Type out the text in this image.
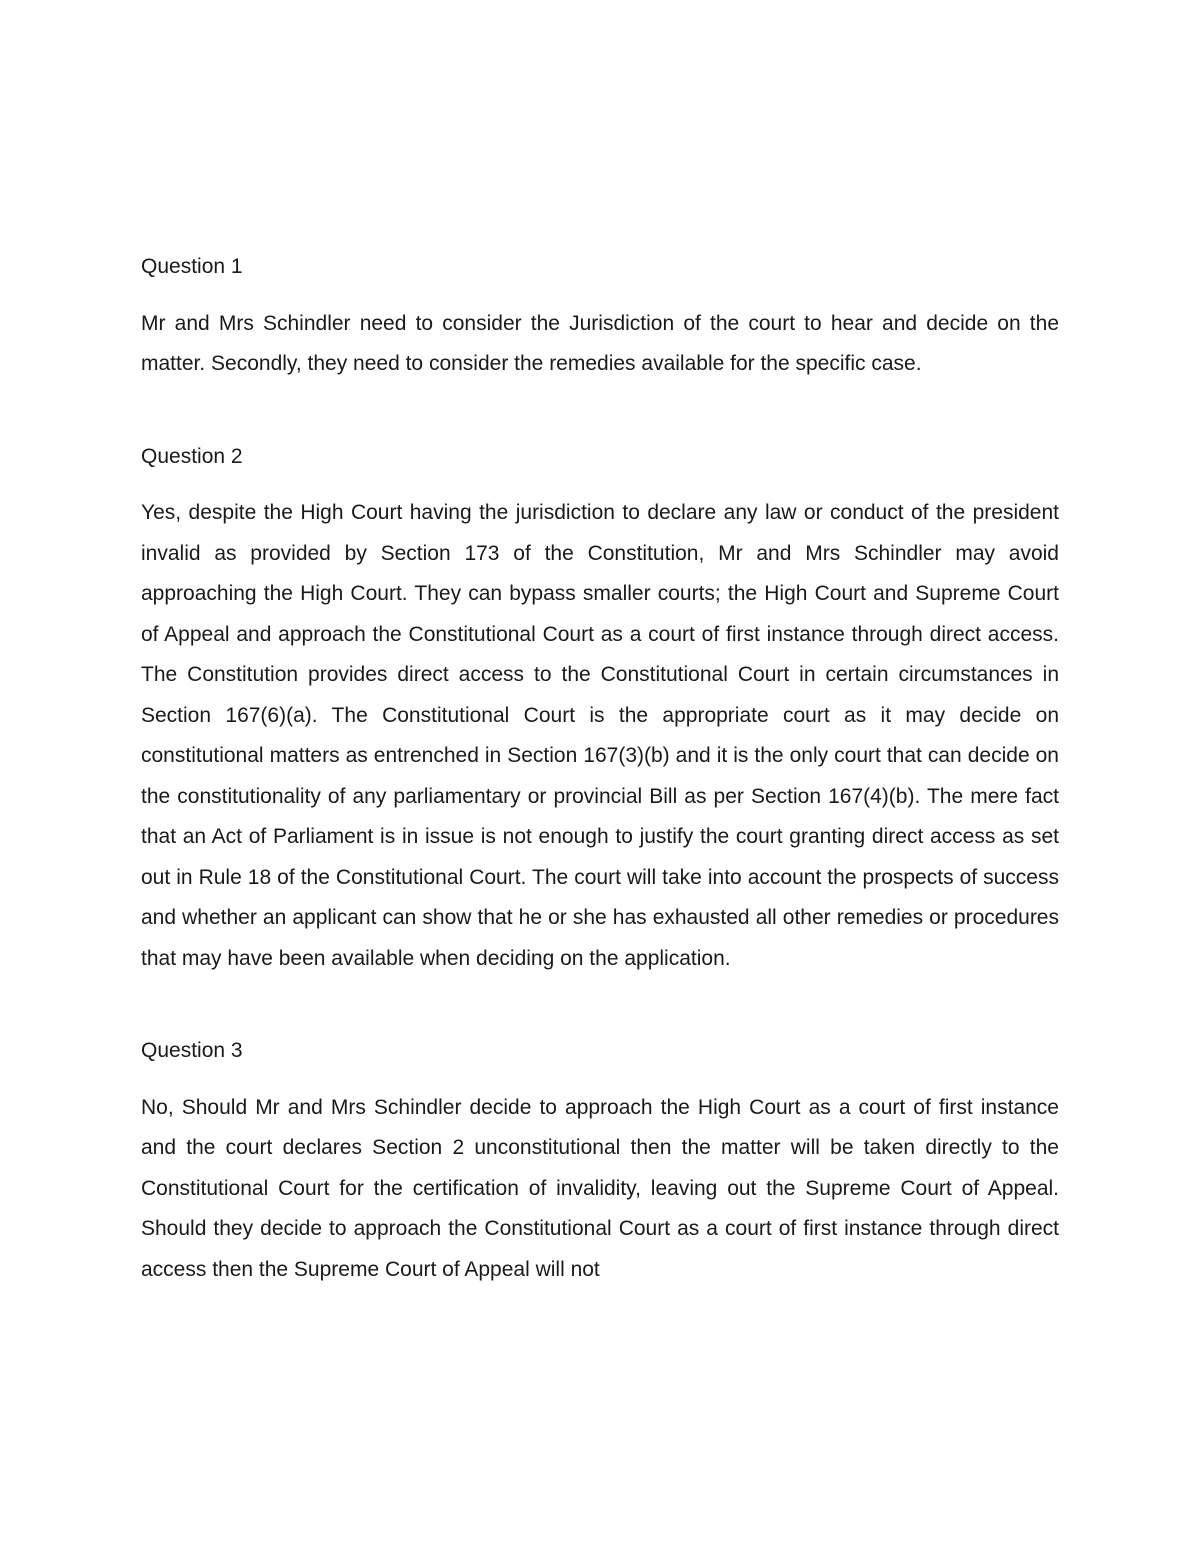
Question 1

Mr and Mrs Schindler need to consider the Jurisdiction of the court to hear and decide on the matter. Secondly, they need to consider the remedies available for the specific case.

Question 2

Yes, despite the High Court having the jurisdiction to declare any law or conduct of the president invalid as provided by Section 173 of the Constitution, Mr and Mrs Schindler may avoid approaching the High Court. They can bypass smaller courts; the High Court and Supreme Court of Appeal and approach the Constitutional Court as a court of first instance through direct access. The Constitution provides direct access to the Constitutional Court in certain circumstances in Section 167(6)(a). The Constitutional Court is the appropriate court as it may decide on constitutional matters as entrenched in Section 167(3)(b) and it is the only court that can decide on the constitutionality of any parliamentary or provincial Bill as per Section 167(4)(b). The mere fact that an Act of Parliament is in issue is not enough to justify the court granting direct access as set out in Rule 18 of the Constitutional Court. The court will take into account the prospects of success and whether an applicant can show that he or she has exhausted all other remedies or procedures that may have been available when deciding on the application.

Question 3

No, Should Mr and Mrs Schindler decide to approach the High Court as a court of first instance and the court declares Section 2 unconstitutional then the matter will be taken directly to the Constitutional Court for the certification of invalidity, leaving out the Supreme Court of Appeal. Should they decide to approach the Constitutional Court as a court of first instance through direct access then the Supreme Court of Appeal will not
